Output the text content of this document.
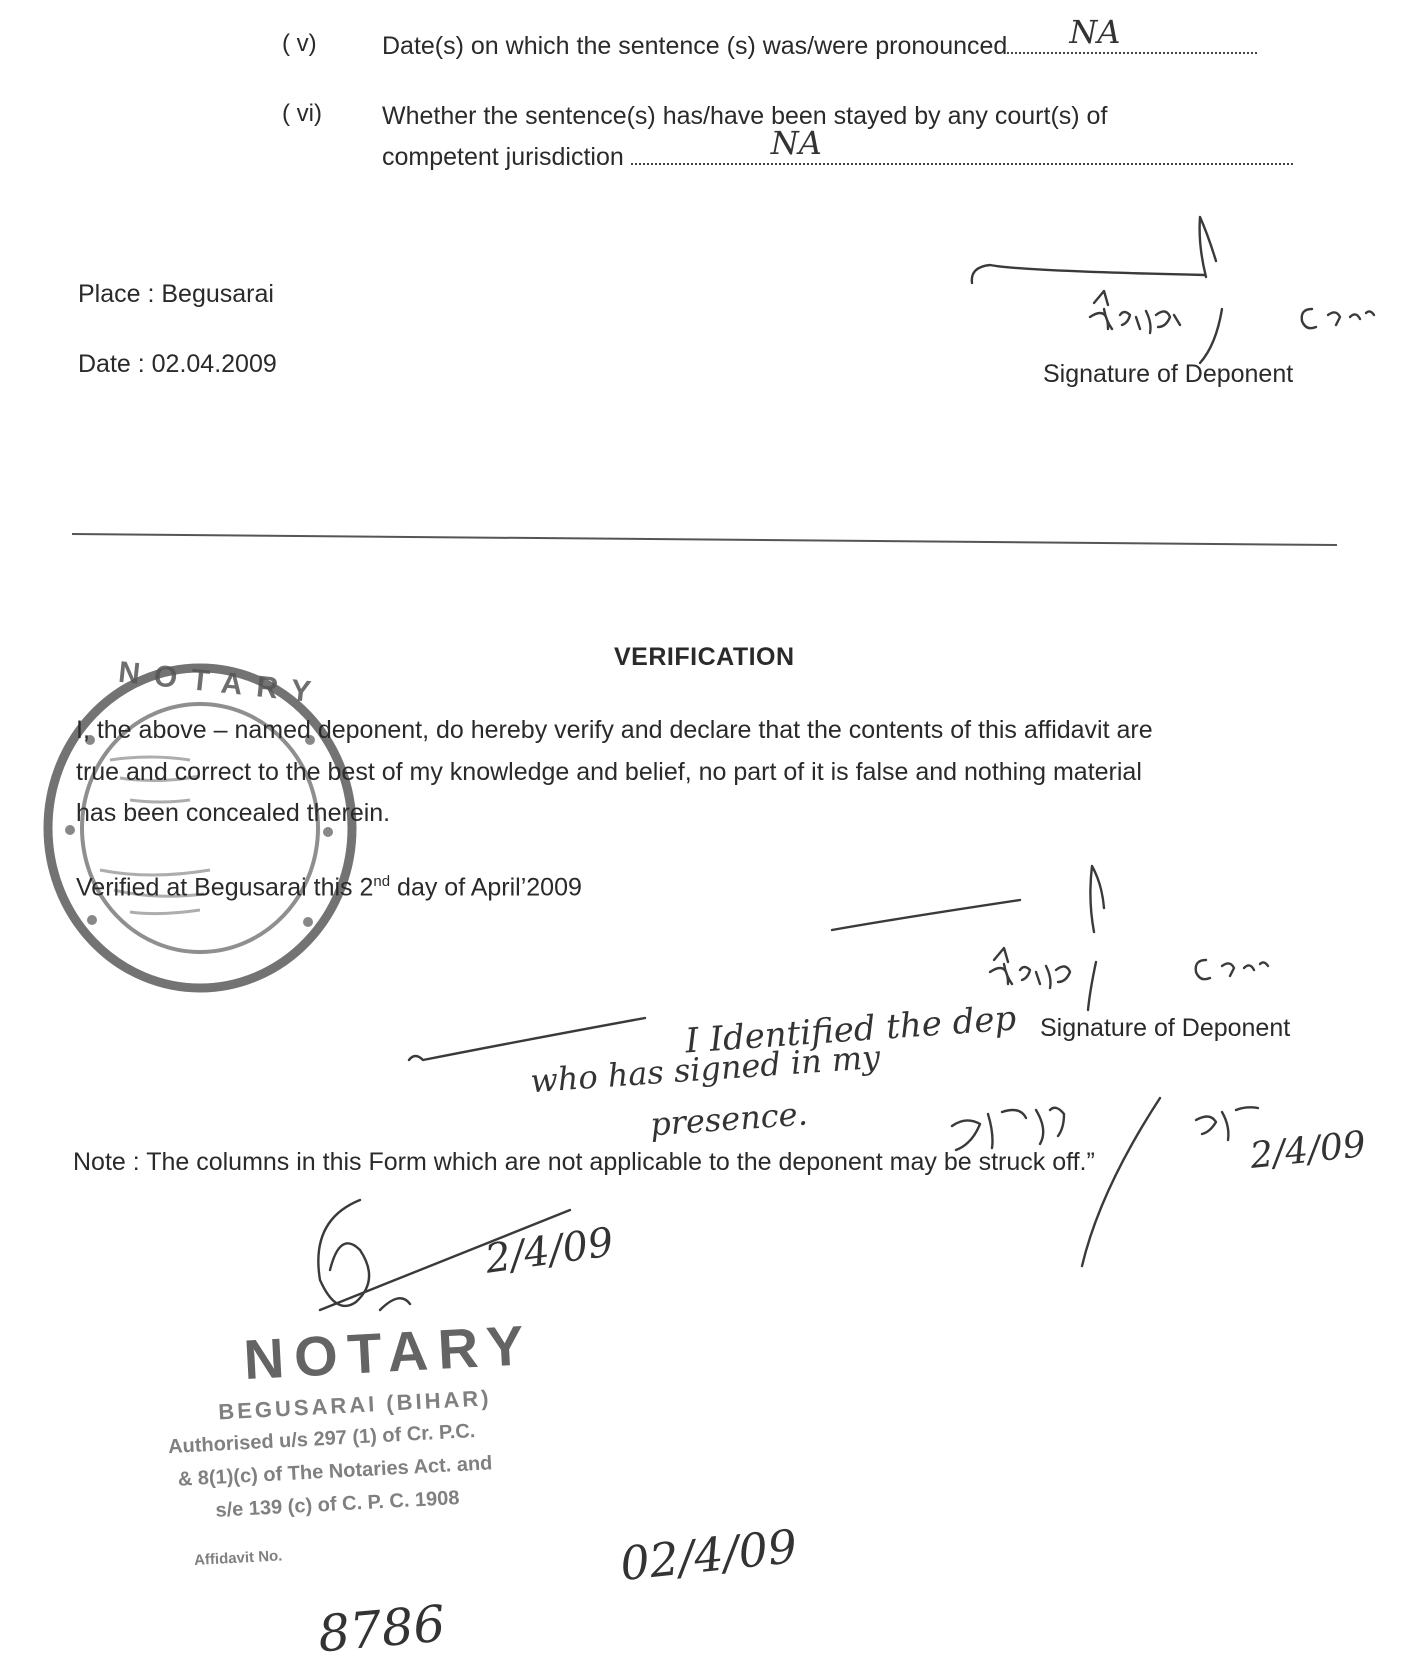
( v)	Date(s) on which the sentence (s) was/were pronounced NA
( vi) Whether the sentence(s) has/have been stayed by any court(s) of
competent jurisdiction	NA
Place : Begusarai
Date : 02.04.2009	Signature of Deponent
VERIFICATION
NOTARY
I, the above – named deponent, do hereby verify and declare that the contents of this affidavit are
true and correct to the best of my knowledge and belief, no part of it is false and nothing material
has been concealed therein.
Verified at Begusarai this 2nd day of April’2009
Signature of Deponent
I Identified the dep
who has signed in my
presence.
2/4/09
Note : The columns in this Form which are not applicable to the deponent may be struck off.”
2/4/09
NOTARY
BEGUSARAI (BIHAR)
Authorised u/s 297 (1) of Cr. P.C.
& 8(1)(c) of The Notaries Act. and
s/e 139 (c) of C. P. C. 1908
Affidavit No.	02/4/09
8786
